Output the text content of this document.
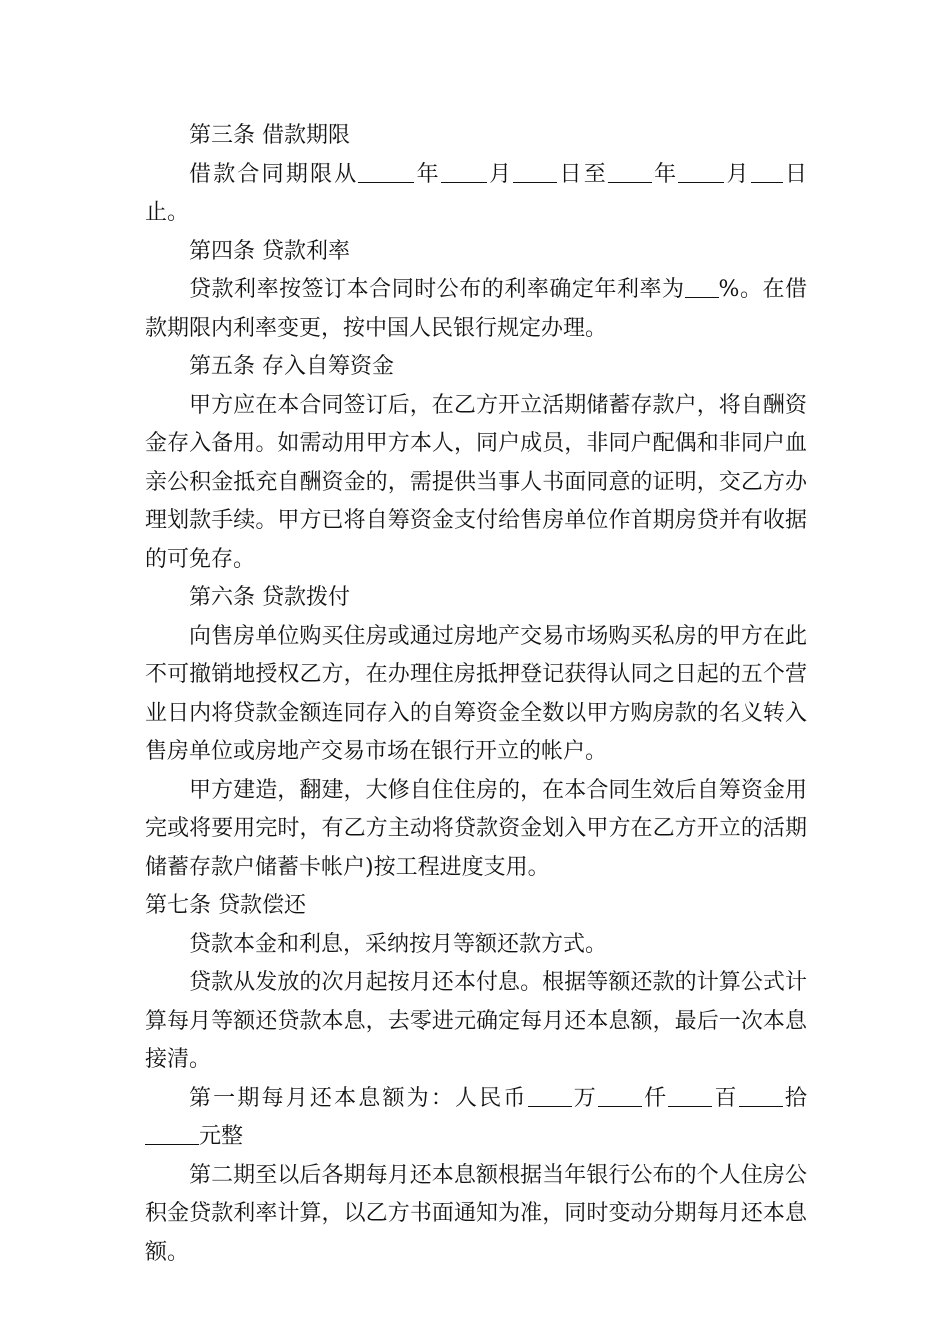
第三条 借款期限

借款合同期限从	年 月 日至 年 月 日止。

第四条 贷款利率

贷款利率按签订本合同时公布的利率确定年利率为 %。在借款期限内利率变更，按中国人民银行规定办理。

第五条 存入自筹资金

甲方应在本合同签订后，在乙方开立活期储蓄存款户，将自酬资金存入备用。如需动用甲方本人，同户成员，非同户配偶和非同户血亲公积金抵充自酬资金的，需提供当事人书面同意的证明，交乙方办理划款手续。甲方已将自筹资金支付给售房单位作首期房贷并有收据的可免存。

第六条 贷款拨付

向售房单位购买住房或通过房地产交易市场购买私房的甲方在此不可撤销地授权乙方，在办理住房抵押登记获得认同之日起的五个营业日内将贷款金额连同存入的自筹资金全数以甲方购房款的名义转入售房单位或房地产交易市场在银行开立的帐户。

甲方建造，翻建，大修自住住房的，在本合同生效后自筹资金用完或将要用完时，有乙方主动将贷款资金划入甲方在乙方开立的活期储蓄存款户储蓄卡帐户)按工程进度支用。

第七条 贷款偿还

贷款本金和利息，采纳按月等额还款方式。

贷款从发放的次月起按月还本付息。根据等额还款的计算公式计算每月等额还贷款本息，去零进元确定每月还本息额，最后一次本息接清。

第一期每月还本息额为：人民币 万 仟 百 拾元整

第二期至以后各期每月还本息额根据当年银行公布的个人住房公积金贷款利率计算，以乙方书面通知为准，同时变动分期每月还本息额。
